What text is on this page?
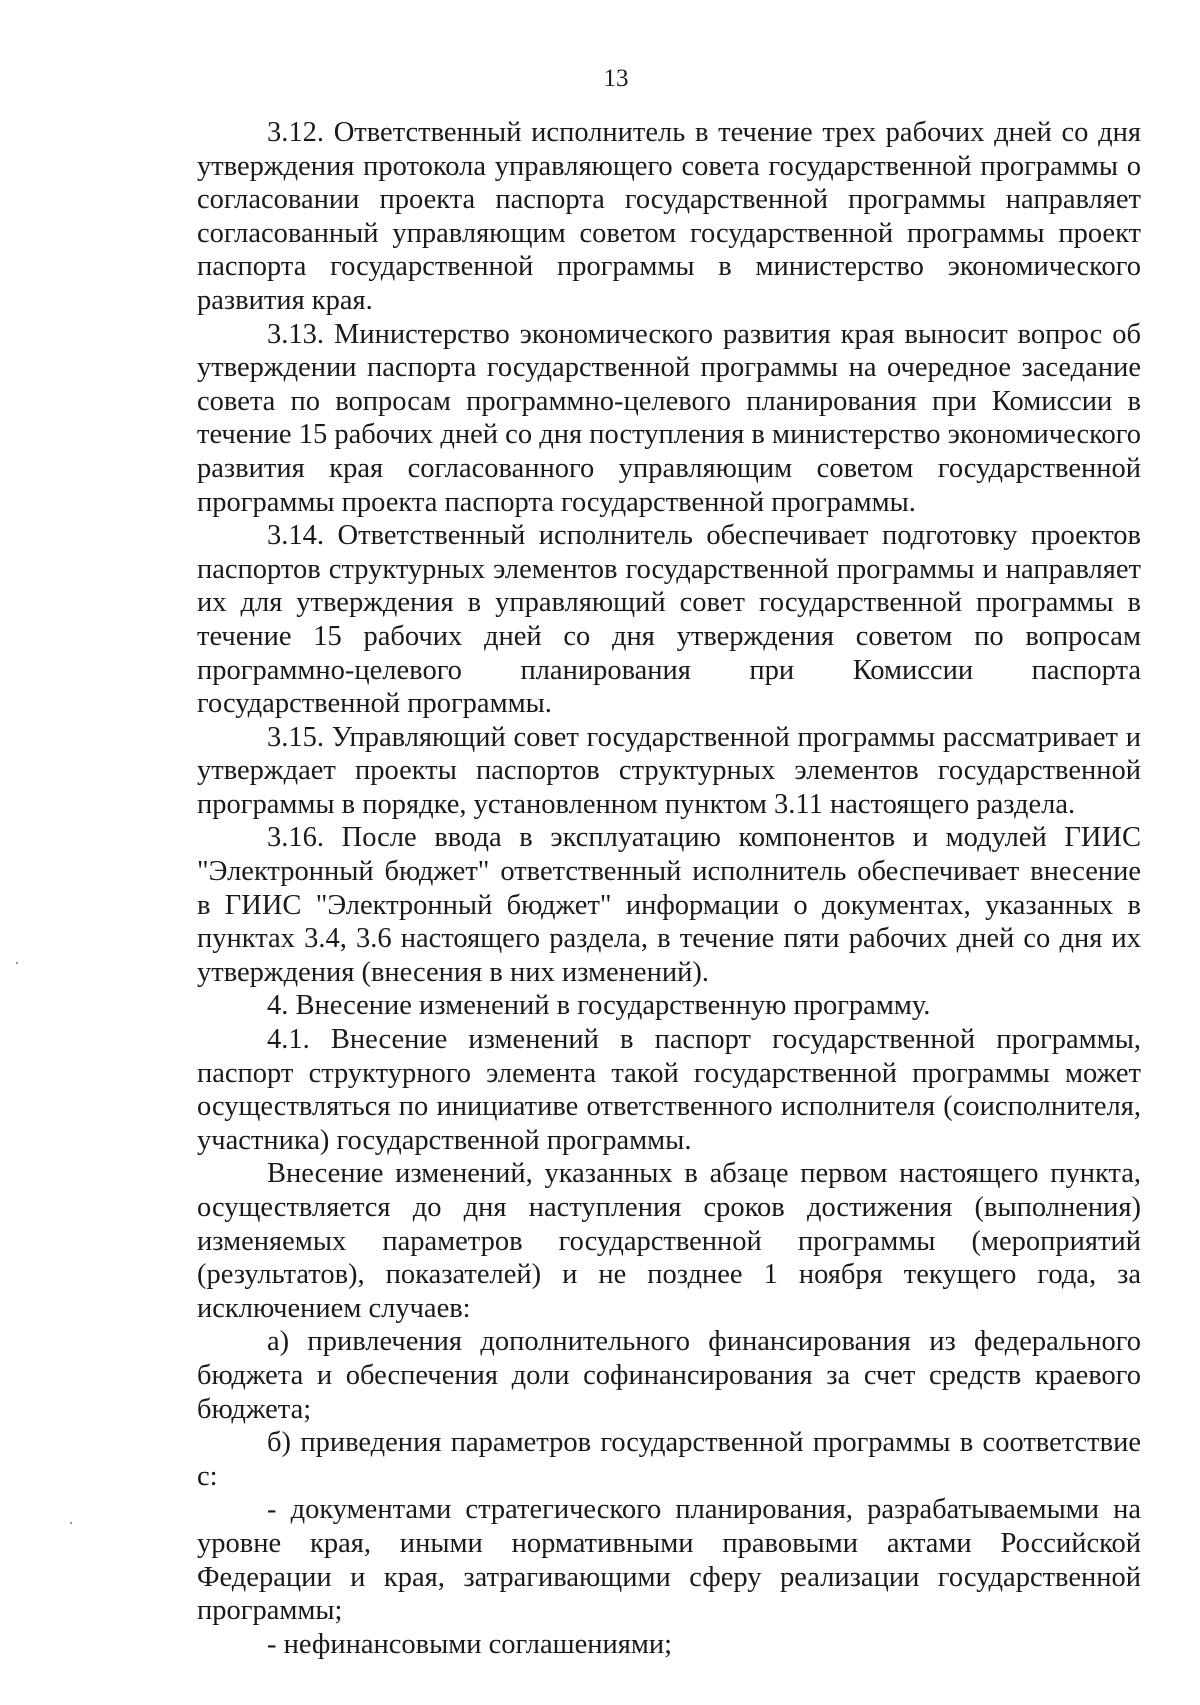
13

3.12. Ответственный исполнитель в течение трех рабочих дней со дня утверждения протокола управляющего совета государственной программы о согласовании проекта паспорта государственной программы направляет согласованный управляющим советом государственной программы проект паспорта государственной программы в министерство экономического развития края.

3.13. Министерство экономического развития края выносит вопрос об утверждении паспорта государственной программы на очередное заседание совета по вопросам программно-целевого планирования при Комиссии в течение 15 рабочих дней со дня поступления в министерство экономического развития края согласованного управляющим советом государственной программы проекта паспорта государственной программы.

3.14. Ответственный исполнитель обеспечивает подготовку проектов паспортов структурных элементов государственной программы и направляет их для утверждения в управляющий совет государственной программы в течение 15 рабочих дней со дня утверждения советом по вопросам программно-целевого планирования при Комиссии паспорта государственной программы.

3.15. Управляющий совет государственной программы рассматривает и утверждает проекты паспортов структурных элементов государственной программы в порядке, установленном пунктом 3.11 настоящего раздела.

3.16. После ввода в эксплуатацию компонентов и модулей ГИИС "Электронный бюджет" ответственный исполнитель обеспечивает внесение в ГИИС "Электронный бюджет" информации о документах, указанных в пунктах 3.4, 3.6 настоящего раздела, в течение пяти рабочих дней со дня их утверждения (внесения в них изменений).

4. Внесение изменений в государственную программу.

4.1. Внесение изменений в паспорт государственной программы, паспорт структурного элемента такой государственной программы может осуществляться по инициативе ответственного исполнителя (соисполнителя, участника) государственной программы.

Внесение изменений, указанных в абзаце первом настоящего пункта, осуществляется до дня наступления сроков достижения (выполнения) изменяемых параметров государственной программы (мероприятий (результатов), показателей) и не позднее 1 ноября текущего года, за исключением случаев:

а) привлечения дополнительного финансирования из федерального бюджета и обеспечения доли софинансирования за счет средств краевого бюджета;

б) приведения параметров государственной программы в соответствие с:

- документами стратегического планирования, разрабатываемыми на уровне края, иными нормативными правовыми актами Российской Федерации и края, затрагивающими сферу реализации государственной программы;

- нефинансовыми соглашениями;
